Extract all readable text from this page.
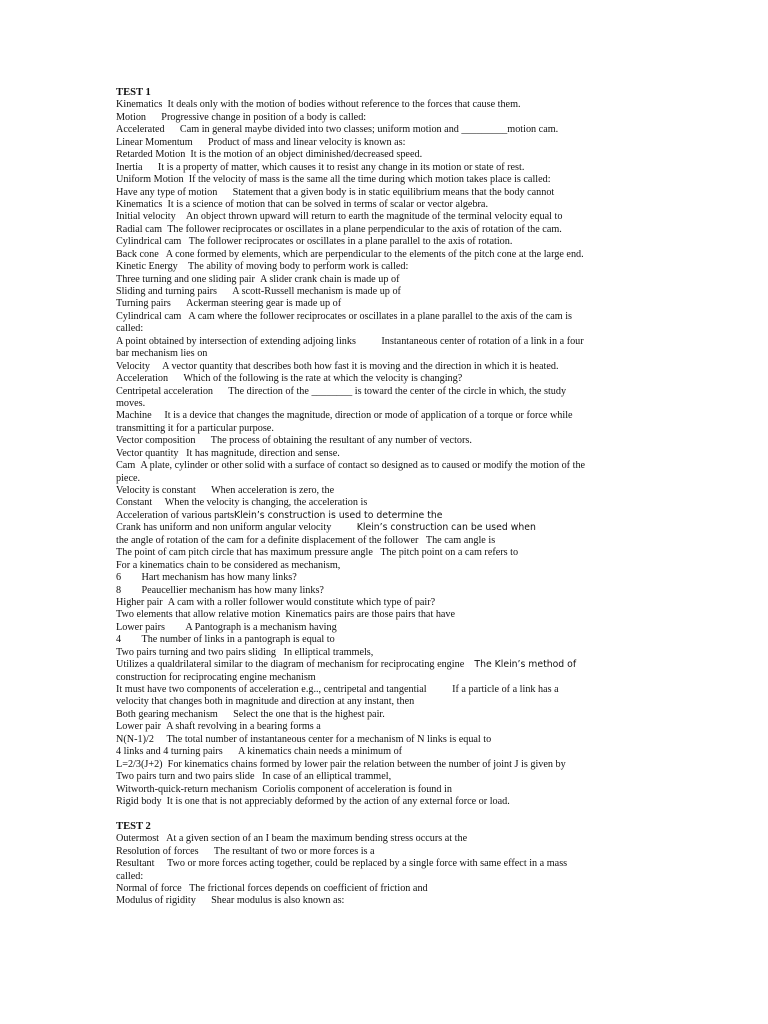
TEST 1
Kinematics It deals only with the motion of bodies without reference to the forces that cause them.
Motion  Progressive change in position of a body is called:
Accelerated  Cam in general maybe divided into two classes; uniform motion and _________motion cam.
Linear Momentum  Product of mass and linear velocity is known as:
Retarded Motion It is the motion of an object diminished/decreased speed.
Inertia  It is a property of matter, which causes it to resist any change in its motion or state of rest.
Uniform Motion If the velocity of mass is the same all the time during which motion takes place is called:
Have any type of motion  Statement that a given body is in static equilibrium means that the body cannot
Kinematics It is a science of motion that can be solved in terms of scalar or vector algebra.
Initial velocity An object thrown upward will return to earth the magnitude of the terminal velocity equal to
Radial cam The follower reciprocates or oscillates in a plane perpendicular to the axis of rotation of the cam.
Cylindrical cam  The follower reciprocates or oscillates in a plane parallel to the axis of rotation.
Back cone  A cone formed by elements, which are perpendicular to the elements of the pitch cone at the large end.
Kinetic Energy The ability of moving body to perform work is called:
Three turning and one sliding pair A slider crank chain is made up of
Sliding and turning pairs  A scott-Russell mechanism is made up of
Turning pairs  Ackerman steering gear is made up of
Cylindrical cam  A cam where the follower reciprocates or oscillates in a plane parallel to the axis of the cam is
called:
A point obtained by intersection of extending adjoing links   Instantaneous center of rotation of a link in a four
bar mechanism lies on
Velocity  A vector quantity that describes both how fast it is moving and the direction in which it is heated.
Acceleration  Which of the following is the rate at which the velocity is changing?
Centripetal acceleration  The direction of the ________ is toward the center of the circle in which, the study
moves.
Machine  It is a device that changes the magnitude, direction or mode of application of a torque or force while
transmitting it for a particular purpose.
Vector composition  The process of obtaining the resultant of any number of vectors.
Vector quantity  It has magnitude, direction and sense.
Cam A plate, cylinder or other solid with a surface of contact so designed as to caused or modify the motion of the
piece.
Velocity is constant  When acceleration is zero, the
Constant  When the velocity is changing, the acceleration is
Acceleration of various partsKlein’s construction is used to determine the
Crank has uniform and non uniform angular velocity   Klein’s construction can be used when
the angle of rotation of the cam for a definite displacement of the follower  The cam angle is
The point of cam pitch circle that has maximum pressure angle  The pitch point on a cam refers to
For a kinematics chain to be considered as mechanism,
6  Hart mechanism has how many links?
8  Peaucellier mechanism has how many links?
Higher pair A cam with a roller follower would constitute which type of pair?
Two elements that allow relative motion Kinematics pairs are those pairs that have
Lower pairs  A Pantograph is a mechanism having
4  The number of links in a pantograph is equal to
Two pairs turning and two pairs sliding  In elliptical trammels,
Utilizes a qualdrilateral similar to the diagram of mechanism for reciprocating engine The Klein’s method of
construction for reciprocating engine mechanism
It must have two components of acceleration e.g.., centripetal and tangential   If a particle of a link has a
velocity that changes both in magnitude and direction at any instant, then
Both gearing mechanism  Select the one that is the highest pair.
Lower pair A shaft revolving in a bearing forms a
N(N-1)/2  The total number of instantaneous center for a mechanism of N links is equal to
4 links and 4 turning pairs  A kinematics chain needs a minimum of
L=2/3(J+2) For kinematics chains formed by lower pair the relation between the number of joint J is given by
Two pairs turn and two pairs slide  In case of an elliptical trammel,
Witworth-quick-return mechanism Coriolis component of acceleration is found in
Rigid body It is one that is not appreciably deformed by the action of any external force or load.
TEST 2
Outermost  At a given section of an I beam the maximum bending stress occurs at the
Resolution of forces  The resultant of two or more forces is a
Resultant  Two or more forces acting together, could be replaced by a single force with same effect in a mass
called:
Normal of force  The frictional forces depends on coefficient of friction and
Modulus of rigidity  Shear modulus is also known as:
